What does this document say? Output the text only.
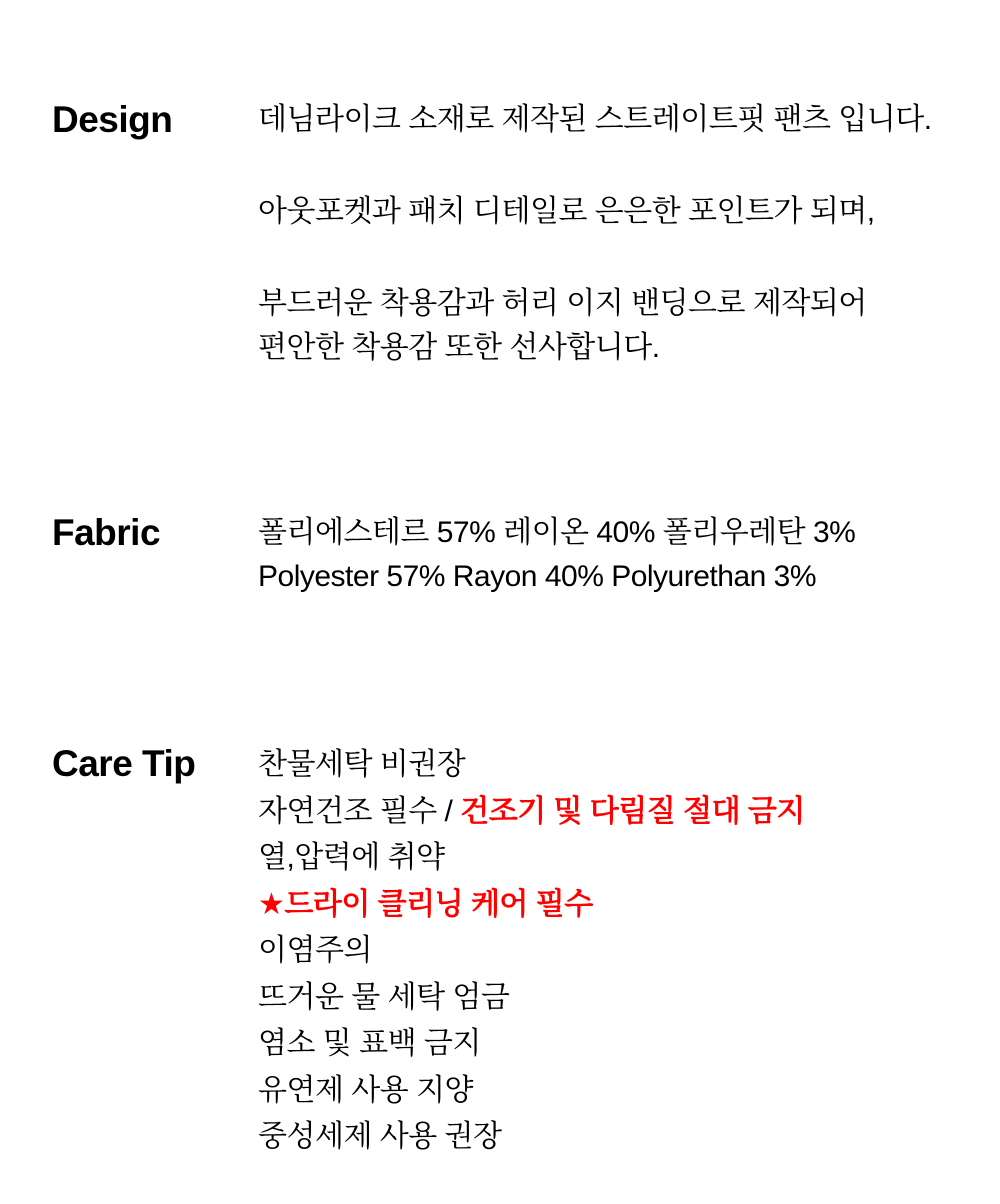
Design	데님라이크 소재로 제작된 스트레이트핏 팬츠 입니다.

아웃포켓과 패치 디테일로 은은한 포인트가 되며,

부드러운 착용감과 허리 이지 밴딩으로 제작되어
편안한 착용감 또한 선사합니다.

Fabric	폴리에스테르 57% 레이온 40% 폴리우레탄 3%
Polyester 57% Rayon 40% Polyurethan 3%
Care Tip	찬물세탁 비권장
자연건조 필수 / 건조기 및 다림질 절대 금지
열,압력에 취약
★드라이 클리닝 케어 필수
이염주의
뜨거운 물 세탁 엄금
염소 및 표백 금지
유연제 사용 지양
중성세제 사용 권장
